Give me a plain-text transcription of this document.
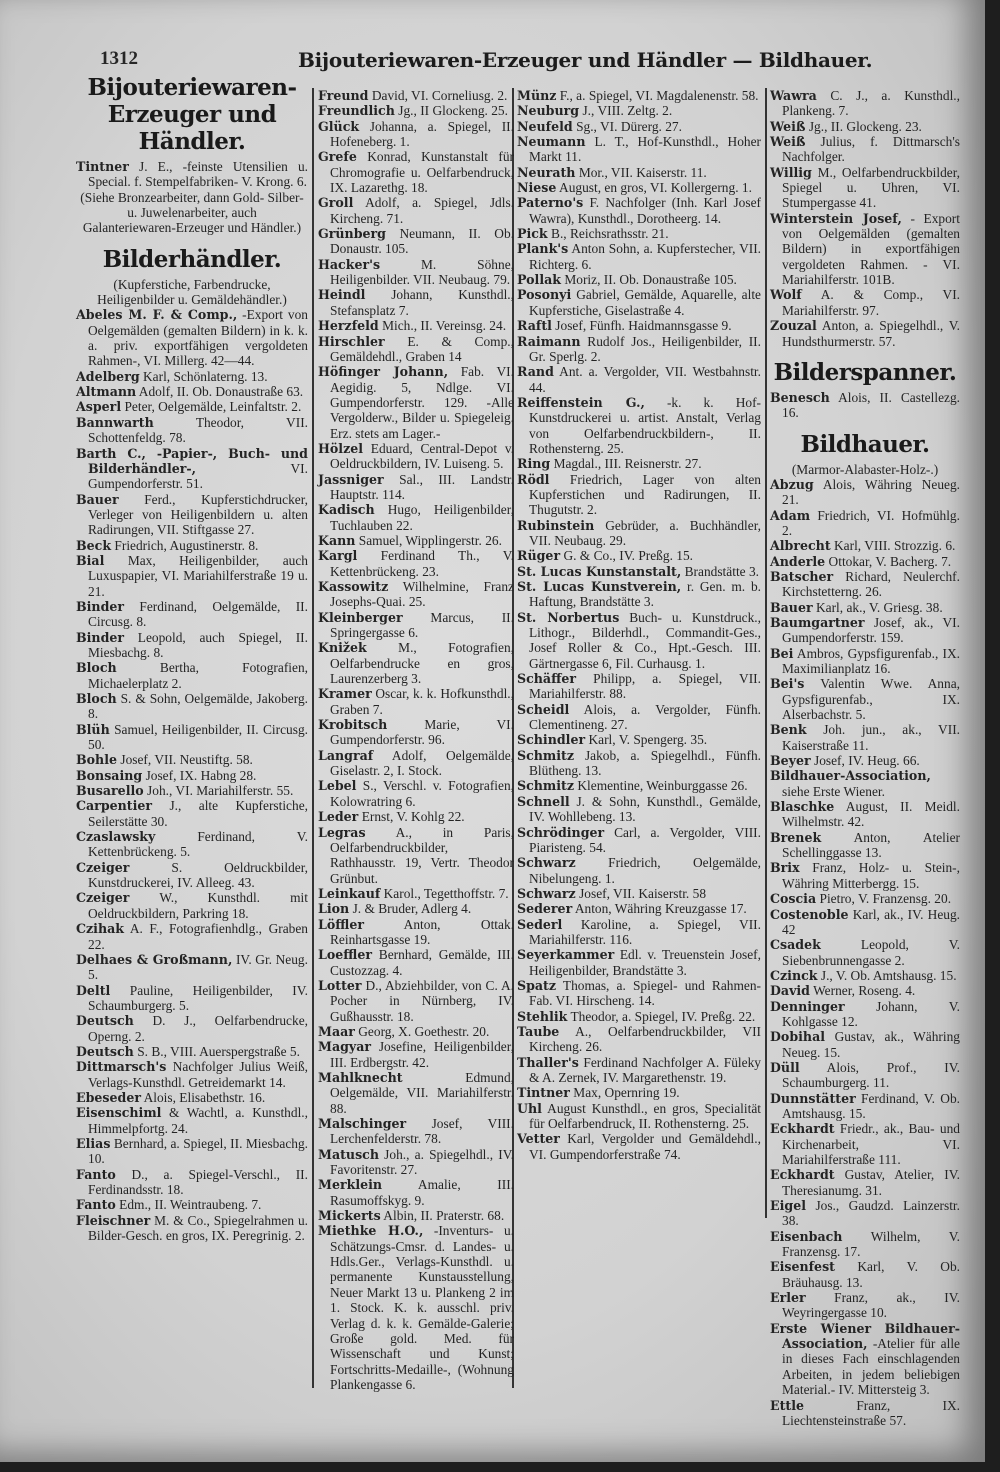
1312	Bijouteriewaren-Erzeuger und Händler — Bildhauer.
Bijouteriewaren-Erzeuger und Händler.
Tintner J. E., -feinste Utensilien u. Special. f. Stempelfabriken- V. Krong. 6.
(Siehe Bronzearbeiter, dann Gold- Silber- u. Juwelenarbeiter, auch Galanteriewaren-Erzeuger und Händler.)
Bilderhändler.
(Kupferstiche, Farbendrucke, Heiligenbilder u. Gemäldehändler.)
Abeles M. F. & Comp., -Export von Oelgemälden (gemalten Bildern) in k. k. a. priv. exportfähigen vergoldeten Rahmen-, VI. Millerg. 42—44.
Adelberg Karl, Schönlaterng. 13.
Altmann Adolf, II. Ob. Donaustraße 63.
Asperl Peter, Oelgemälde, Leinfaltstr. 2.
Bannwarth	Theodor, VII. Schottenfeldg. 78.
Barth C., -Papier-, Buch- und Bilderhändler-,	VI. Gumpendorferstr. 51.
Bauer Ferd., Kupferstichdrucker, Verleger von Heiligenbildern u. alten Radirungen, VII. Stiftgasse 27.
Beck Friedrich, Augustinerstr. 8.
Bial Max, Heiligenbilder, auch Luxuspapier, VI. Mariahilferstraße 19 u. 21.
Binder Ferdinand, Oelgemälde, II. Circusg. 8.
Binder Leopold, auch Spiegel, II. Miesbachg. 8.
Bloch	Bertha, Fotografien, Michaelerplatz 2.
Bloch S. & Sohn, Oelgemälde, Jakoberg. 8.
Blüh Samuel, Heiligenbilder, II. Circusg. 50.
Bohle Josef, VII. Neustiftg. 58.
Bonsaing Josef, IX. Habng 28.
Busarello Joh., VI. Mariahilferstr. 55.
Carpentier J., alte Kupferstiche, Seilerstätte 30.
Czaslawsky	Ferdinand, V. Kettenbrückeng. 5.
Czeiger	S. Oeldruckbilder, Kunstdruckerei, IV. Alleeg. 43.
Czeiger W., Kunsthdl. mit Oeldruckbildern, Parkring 18.
Czihak A. F., Fotografienhdlg., Graben 22.
Delhaes & Großmann, IV. Gr. Neug. 5.
Deltl Pauline, Heiligenbilder, IV. Schaumburgerg. 5.
Deutsch D. J., Oelfarbendrucke, Operng. 2.
Deutsch S. B., VIII. Auerspergstraße 5.
Dittmarsch's Nachfolger Julius Weiß, Verlags-Kunsthdl. Getreidemarkt 14.
Ebeseder Alois, Elisabethstr. 16.
Eisenschiml & Wachtl, a. Kunsthdl., Himmelpfortg. 24.
Elias Bernhard, a. Spiegel, II. Miesbachg. 10.
Fanto D., a. Spiegel-Verschl., II. Ferdinandsstr. 18.
Fanto Edm., II. Weintraubeng. 7.
Fleischner M. & Co., Spiegelrahmen u. Bilder-Gesch. en gros, IX. Peregrinig. 2.
Freund David, VI. Corneliusg. 2.
Freundlich Jg., II Glockeng. 25.
Glück Johanna, a. Spiegel, II. Hofeneberg. 1.
Grefe Konrad, Kunstanstalt für Chromografie u. Oelfarbendruck, IX. Lazarethg. 18.
Groll Adolf, a. Spiegel, Jdls. Kircheng. 71.
Grünberg Neumann, II. Ob. Donaustr. 105.
Hacker's	M. Söhne, Heiligenbilder. VII. Neubaug. 79.
Heindl Johann, Kunsthdl., Stefansplatz 7.
Herzfeld Mich., II. Vereinsg. 24.
Hirschler E. & Comp., Gemäldehdl., Graben 14
Höfinger Johann, Fab. VI. Aegidig. 5, Ndlge. VI. Gumpendorferstr. 129. -Alle Vergolderw., Bilder u. Spiegeleig. Erz. stets am Lager.-
Hölzel Eduard, Central-Depot v. Oeldruckbildern, IV. Luiseng. 5.
Jassniger Sal., III. Landstr. Hauptstr. 114.
Kadisch Hugo, Heiligenbilder, Tuchlauben 22.
Kann Samuel, Wipplingerstr. 26.
Kargl Ferdinand Th., V. Kettenbrückeng. 23.
Kassowitz Wilhelmine, Franz Josephs-Quai. 25.
Kleinberger Marcus, II. Springergasse 6.
Knižek M., Fotografien, Oelfarbendrucke en gros, Laurenzerberg 3.
Kramer Oscar, k. k. Hofkunsthdl., Graben 7.
Krobitsch	Marie, VI. Gumpendorferstr. 96.
Langraf Adolf, Oelgemälde, Giselastr. 2, I. Stock.
Lebel S., Verschl. v. Fotografien, Kolowratring 6.
Leder Ernst, V. Kohlg 22.
Legras A., in Paris, Oelfarbendruckbilder, Rathhausstr. 19, Vertr. Theodor Grünbut.
Leinkauf Karol., Tegetthoffstr. 7.
Lion J. & Bruder, Adlerg 4.
Löffler	Anton, Ottak. Reinhartsgasse 19.
Loeffler Bernhard, Gemälde, III. Custozzag. 4.
Lotter D., Abziehbilder, von C. A. Pocher in Nürnberg, IV. Gußhausstr. 18.
Maar Georg, X. Goethestr. 20.
Magyar Josefine, Heiligenbilder, III. Erdbergstr. 42.
Mahlknecht	Edmund, Oelgemälde, VII. Mariahilferstr. 88.
Malschinger Josef, VIII. Lerchenfelderstr. 78.
Matusch Joh., a. Spiegelhdl., IV. Favoritenstr. 27.
Merklein	Amalie, III. Rasumoffskyg. 9.
Mickerts Albin, II. Praterstr. 68.
Miethke H.O., -Inventurs- u. Schätzungs-Cmsr. d. Landes- u. Hdls.Ger., Verlags-Kunsthdl. u. permanente Kunstausstellung, Neuer Markt 13 u. Plankeng 2 im 1. Stock. K. k. ausschl. priv. Verlag d. k. k. Gemälde-Galerie; Große gold. Med. für Wissenschaft und Kunst; Fortschritts-Medaille-, (Wohnung Plankengasse 6.
Münz F., a. Spiegel, VI. Magdalenenstr. 58.
Neuburg J., VIII. Zeltg. 2.
Neufeld Sg., VI. Dürerg. 27.
Neumann L. T., Hof-Kunsthdl., Hoher Markt 11.
Neurath Mor., VII. Kaiserstr. 11.
Niese August, en gros, VI. Kollergerng. 1.
Paterno's F. Nachfolger (Inh. Karl Josef Wawra), Kunsthdl., Dorotheerg. 14.
Pick B., Reichsrathsstr. 21.
Plank's Anton Sohn, a. Kupferstecher, VII. Richterg. 6.
Pollak Moriz, II. Ob. Donaustraße 105.
Posonyi Gabriel, Gemälde, Aquarelle, alte Kupferstiche, Giselastraße 4.
Raftl Josef, Fünfh. Haidmannsgasse 9.
Raimann Rudolf Jos., Heiligenbilder, II. Gr. Sperlg. 2.
Rand Ant. a. Vergolder, VII. Westbahnstr. 44.
Reiffenstein G., -k. k. Hof-Kunstdruckerei u. artist. Anstalt, Verlag von Oelfarbendruckbildern-, II. Rothensterng. 25.
Ring Magdal., III. Reisnerstr. 27.
Rödl Friedrich, Lager von alten Kupferstichen und Radirungen, II. Thugutstr. 2.
Rubinstein Gebrüder, a. Buchhändler, VII. Neubaug. 29.
Rüger G. & Co., IV. Preßg. 15.
St. Lucas Kunstanstalt, Brandstätte 3.
St. Lucas Kunstverein, r. Gen. m. b. Haftung, Brandstätte 3.
St. Norbertus Buch- u. Kunstdruck., Lithogr., Bilderhdl., Commandit-Ges., Josef Roller & Co., Hpt.-Gesch. III. Gärtnergasse 6, Fil. Curhausg. 1.
Schäffer Philipp, a. Spiegel, VII. Mariahilferstr. 88.
Scheidl Alois, a. Vergolder, Fünfh. Clementineng. 27.
Schindler Karl, V. Spengerg. 35.
Schmitz Jakob, a. Spiegelhdl., Fünfh. Blütheng. 13.
Schmitz Klementine, Weinburggasse 26.
Schnell J. & Sohn, Kunsthdl., Gemälde, IV. Wohllebeng. 13.
Schrödinger Carl, a. Vergolder, VIII. Piaristeng. 54.
Schwarz Friedrich, Oelgemälde, Nibelungeng. 1.
Schwarz Josef, VII. Kaiserstr. 58
Sederer Anton, Währing Kreuzgasse 17.
Sederl Karoline, a. Spiegel, VII. Mariahilferstr. 116.
Seyerkammer Edl. v. Treuenstein Josef, Heiligenbilder, Brandstätte 3.
Spatz Thomas, a. Spiegel- und Rahmen-Fab. VI. Hirscheng. 14.
Stehlik Theodor, a. Spiegel, IV. Preßg. 22.
Taube A., Oelfarbendruckbilder, VII Kircheng. 26.
Thaller's Ferdinand Nachfolger A. Füleky & A. Zernek, IV. Margarethenstr. 19.
Tintner Max, Opernring 19.
Uhl August Kunsthdl., en gros, Specialität für Oelfarbendruck, II. Rothensterng. 25.
Vetter Karl, Vergolder und Gemäldehdl., VI. Gumpendorferstraße 74.
Wawra C. J., a. Kunsthdl., Plankeng. 7.
Weiß Jg., II. Glockeng. 23.
Weiß Julius, f. Dittmarsch's Nachfolger.
Willig M., Oelfarbendruckbilder, Spiegel u. Uhren, VI. Stumpergasse 41.
Winterstein Josef, - Export von Oelgemälden (gemalten Bildern) in exportfähigen vergoldeten Rahmen. - VI. Mariahilferstr. 101B.
Wolf A. & Comp., VI. Mariahilferstr. 97.
Zouzal Anton, a. Spiegelhdl., V. Hundsthurmerstr. 57.
Bilderspanner.
Benesch Alois, II. Castellezg. 16.
Bildhauer.
(Marmor-Alabaster-Holz-.)
Abzug Alois, Währing Neueg. 21.
Adam Friedrich, VI. Hofmühlg. 2.
Albrecht Karl, VIII. Strozzig. 6.
Anderle Ottokar, V. Bacherg. 7.
Batscher Richard, Neulerchf. Kirchstetterng. 26.
Bauer Karl, ak., V. Griesg. 38.
Baumgartner Josef, ak., VI. Gumpendorferstr. 159.
Bei Ambros, Gypsfigurenfab., IX. Maximilianplatz 16.
Bei's Valentin Wwe. Anna, Gypsfigurenfab., IX. Alserbachstr. 5.
Benk Joh. jun., ak., VII. Kaiserstraße 11.
Beyer Josef, IV. Heug. 66.
Bildhauer-Association, siehe Erste Wiener.
Blaschke August, II. Meidl. Wilhelmstr. 42.
Brenek Anton, Atelier Schellinggasse 13.
Brix Franz, Holz- u. Stein-, Währing Mitterbergg. 15.
Coscia Pietro, V. Franzensg. 20.
Costenoble Karl, ak., IV. Heug. 42
Csadek	Leopold, V. Siebenbrunnengasse 2.
Czinck J., V. Ob. Amtshausg. 15.
David Werner, Roseng. 4.
Denninger Johann, V. Kohlgasse 12.
Dobihal Gustav, ak., Währing Neueg. 15.
Düll Alois, Prof., IV. Schaumburgerg. 11.
Dunnstätter Ferdinand, V. Ob. Amtshausg. 15.
Eckhardt Friedr., ak., Bau- und Kirchenarbeit, VI. Mariahilferstraße 111.
Eckhardt Gustav, Atelier, IV. Theresianumg. 31.
Eigel Jos., Gaudzd. Lainzerstr. 38.
Eisenbach Wilhelm, V. Franzensg. 17.
Eisenfest Karl, V. Ob. Bräuhausg. 13.
Erler Franz, ak., IV. Weyringergasse 10.
Erste Wiener Bildhauer-Association, -Atelier für alle in dieses Fach einschlagenden Arbeiten, in jedem beliebigen Material.- IV. Mittersteig 3.
Ettle	Franz, IX. Liechtensteinstraße 57.
